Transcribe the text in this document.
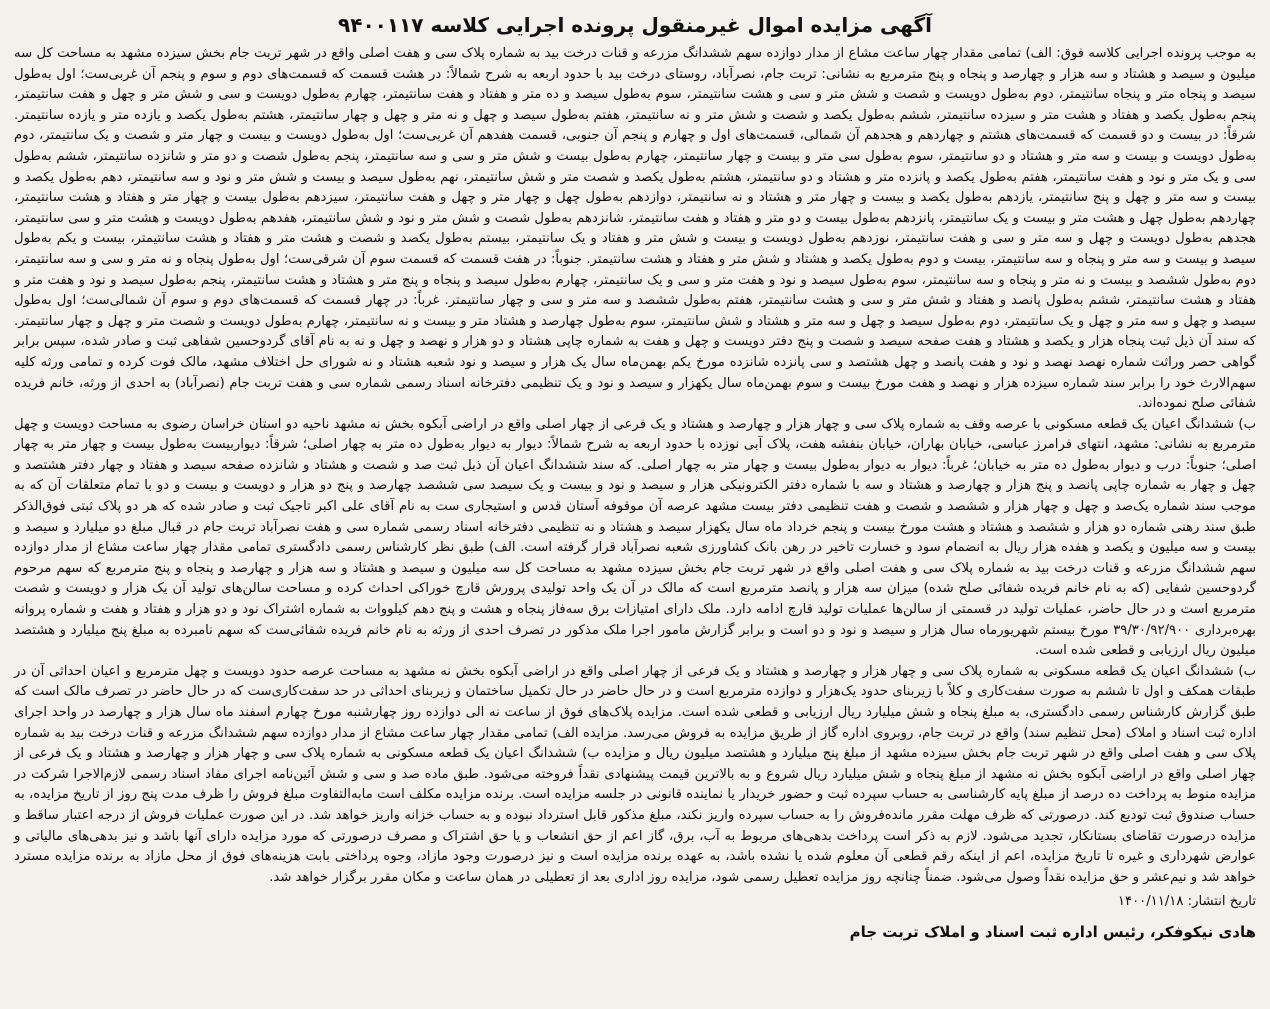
آگهی مزایده اموال غیرمنقول پرونده اجرایی کلاسه ۹۴۰۰۱۱۷

به موجب پرونده اجرایی کلاسه فوق: الف) تمامی مقدار چهار ساعت مشاع از مدار دوازده سهم ششدانگ مزرعه و قنات درخت بید به شماره پلاک سی و هفت اصلی واقع در شهر تربت جام بخش سیزده مشهد به مساحت کل سه میلیون و سیصد و هشتاد و سه هزار و چهارصد و پنجاه و پنج مترمربع به نشانی: تربت جام، نصرآباد، روستای درخت بید با حدود اربعه به شرح شمالاً: در هشت قسمت که قسمت‌های دوم و سوم و پنجم آن غربی‌ست؛ اول به‌طول سیصد و پنجاه متر و پنجاه سانتیمتر، دوم به‌طول دویست و شصت و شش متر و سی و هشت سانتیمتر، سوم به‌طول سیصد و ده متر و هفتاد و هفت سانتیمتر، چهارم به‌طول دویست و سی و شش متر و چهل و هفت سانتیمتر، پنجم به‌طول یکصد و هفتاد و هشت متر و سیزده سانتیمتر، ششم به‌طول یکصد و شصت و شش متر و نه سانتیمتر، هفتم به‌طول سیصد و چهل و نه متر و چهل و چهار سانتیمتر، هشتم به‌طول یکصد و یازده متر و یازده سانتیمتر. شرقاً: در بیست و دو قسمت که قسمت‌های هشتم و چهاردهم و هجدهم آن شمالی، قسمت‌های اول و چهارم و پنجم آن جنوبی، قسمت هفدهم آن غربی‌ست؛ اول به‌طول دویست و بیست و چهار متر و شصت و یک سانتیمتر، دوم به‌طول دویست و بیست و سه متر و هشتاد و دو سانتیمتر، سوم به‌طول سی متر و بیست و چهار سانتیمتر، چهارم به‌طول بیست و شش متر و سی و سه سانتیمتر، پنجم به‌طول شصت و دو متر و شانزده سانتیمتر، ششم به‌طول سی و یک متر و نود و هفت سانتیمتر، هفتم به‌طول یکصد و پانزده متر و هشتاد و دو سانتیمتر، هشتم به‌طول یکصد و شصت متر و شش سانتیمتر، نهم به‌طول سیصد و بیست و شش متر و نود و سه سانتیمتر، دهم به‌طول یکصد و بیست و سه متر و چهل و پنج سانتیمتر، یازدهم به‌طول یکصد و بیست و چهار متر و هشتاد و نه سانتیمتر، دوازدهم به‌طول چهل و چهار متر و چهل و هفت سانتیمتر، سیزدهم به‌طول بیست و چهار متر و هفتاد و هشت سانتیمتر، چهاردهم به‌طول چهل و هشت متر و بیست و یک سانتیمتر، پانزدهم به‌طول بیست و دو متر و هفتاد و هفت سانتیمتر، شانزدهم به‌طول شصت و شش متر و نود و شش سانتیمتر، هفدهم به‌طول دویست و هشت متر و سی سانتیمتر، هجدهم به‌طول دویست و چهل و سه متر و سی و هفت سانتیمتر، نوزدهم به‌طول دویست و بیست و شش متر و هفتاد و یک سانتیمتر، بیستم به‌طول یکصد و شصت و هشت متر و هفتاد و هشت سانتیمتر، بیست و یکم به‌طول سیصد و بیست و سه متر و پنجاه و سه سانتیمتر، بیست و دوم به‌طول یکصد و هشتاد و شش متر و هفتاد و هشت سانتیمتر. جنوباً: در هفت قسمت که قسمت سوم آن شرقی‌ست؛ اول به‌طول پنجاه و نه متر و سی و سه سانتیمتر، دوم به‌طول ششصد و بیست و نه متر و پنجاه و سه سانتیمتر، سوم به‌طول سیصد و نود و هفت متر و سی و یک سانتیمتر، چهارم به‌طول سیصد و پنجاه و پنج متر و هشتاد و هشت سانتیمتر، پنجم به‌طول سیصد و نود و هفت متر و هفتاد و هشت سانتیمتر، ششم به‌طول پانصد و هفتاد و شش متر و سی و هشت سانتیمتر، هفتم به‌طول ششصد و سه متر و سی و چهار سانتیمتر. غرباً: در چهار قسمت که قسمت‌های دوم و سوم آن شمالی‌ست؛ اول به‌طول سیصد و چهل و سه متر و چهل و یک سانتیمتر، دوم به‌طول سیصد و چهل و سه متر و هشتاد و شش سانتیمتر، سوم به‌طول چهارصد و هشتاد متر و بیست و نه سانتیمتر، چهارم به‌طول دویست و شصت متر و چهل و چهار سانتیمتر. که سند آن ذیل ثبت پنجاه هزار و یکصد و هشتاد و هفت صفحه سیصد و شصت و پنج دفتر دویست و چهل و هفت به شماره چاپی هشتاد و دو هزار و نهصد و چهل و نه به نام آقای گردوحسین شفاهی ثبت و صادر شده، سپس برابر گواهی حصر وراثت شماره نهصد نهصد و نود و هفت پانصد و چهل هشتصد و سی پانزده شانزده مورخ یکم بهمن‌ماه سال یک هزار و سیصد و نود شعبه هشتاد و نه شورای حل اختلاف مشهد، مالک فوت کرده و تمامی ورثه کلیه سهم‌الارث خود را برابر سند شماره سیزده هزار و نهصد و هفت مورخ بیست و سوم بهمن‌ماه سال یکهزار و سیصد و نود و یک تنظیمی دفترخانه اسناد رسمی شماره سی و هفت تربت جام (نصرآباد) به احدی از ورثه، خانم فریده شفائی صلح نموده‌اند.

ب) ششدانگ اعیان یک قطعه مسکونی با عرصه وقف به شماره پلاک سی و چهار هزار و چهارصد و هشتاد و یک فرعی از چهار اصلی واقع در اراضی آبکوه بخش نه مشهد ناحیه دو استان خراسان رضوی به مساحت دویست و چهل مترمربع به نشانی: مشهد، انتهای فرامرز عباسی، خیابان بهاران، خیابان بنفشه هفت، پلاک آبی نوزده با حدود اربعه به شرح شمالاً: دیوار به دیوار به‌طول ده متر به چهار اصلی؛ شرقاً: دیواربیست به‌طول بیست و چهار متر به چهار اصلی؛ جنوباً: درب و دیوار به‌طول ده متر به خیابان؛ غرباً: دیوار به دیوار به‌طول بیست و چهار متر به چهار اصلی. که سند ششدانگ اعیان آن ذیل ثبت صد و شصت و هشتاد و شانزده صفحه سیصد و هفتاد و چهار دفتر هشتصد و چهل و چهار به شماره چاپی پانصد و پنج هزار و چهارصد و هشتاد و سه با شماره دفتر الکترونیکی هزار و سیصد و نود و بیست و یک سیصد سی ششصد چهارصد و پنج دو هزار و دویست و بیست و دو با تمام متعلقات آن که به موجب سند شماره یک‌صد و چهل و چهار هزار و ششصد و شصت و هفت تنظیمی دفتر بیست مشهد عرصه آن موقوفه آستان قدس و استیجاری ست به نام آقای علی اکبر تاجیک ثبت و صادر شده که هر دو پلاک ثبتی فوق‌الذکر طبق سند رهنی شماره دو هزار و ششصد و هشتاد و هشت مورخ بیست و پنجم خرداد ماه سال یکهزار سیصد و هشتاد و نه تنظیمی دفترخانه اسناد رسمی شماره سی و هفت نصرآباد تربت جام در قبال مبلغ دو میلیارد و سیصد و بیست و سه میلیون و یکصد و هفده هزار ریال به انضمام سود و خسارت تاخیر در رهن بانک کشاورزی شعبه نصرآباد قرار گرفته است. الف) طبق نظر کارشناس رسمی دادگستری تمامی مقدار چهار ساعت مشاع از مدار دوازده سهم ششدانگ مزرعه و قنات درخت بید به شماره پلاک سی و هفت اصلی واقع در شهر تربت جام بخش سیزده مشهد به مساحت کل سه میلیون و سیصد و هشتاد و سه هزار و چهارصد و پنجاه و پنج مترمربع که سهم مرحوم گردوحسین شفایی (که به نام خانم فریده شفائی صلح شده) میزان سه هزار و پانصد مترمربع است که مالک در آن یک واحد تولیدی پرورش قارچ خوراکی احداث کرده و مساحت سالن‌های تولید آن یک هزار و دویست و شصت مترمربع است و در حال حاضر، عملیات تولید در قسمتی از سالن‌ها عملیات تولید قارچ ادامه دارد. ملک دارای امتیازات برق سه‌فاز پنجاه و هشت و پنج دهم کیلووات به شماره اشتراک نود و دو هزار و هفتاد و هفت و شماره پروانه بهره‌برداری ۳۹/۳۰/۹۲/۹۰۰ مورخ بیستم شهریورماه سال هزار و سیصد و نود و دو است و برابر گزارش مامور اجرا ملک مذکور در تصرف احدی از ورثه به نام خانم فریده شفائی‌ست که سهم نامبرده به مبلغ پنج میلیارد و هشتصد میلیون ریال ارزیابی و قطعی شده است.

ب) ششدانگ اعیان یک قطعه مسکونی به شماره پلاک سی و چهار هزار و چهارصد و هشتاد و یک فرعی از چهار اصلی واقع در اراضی آبکوه بخش نه مشهد به مساحت عرصه حدود دویست و چهل مترمربع و اعیان احداثی آن در طبقات همکف و اول تا ششم به صورت سفت‌کاری و کلاً با زیربنای حدود یک‌هزار و دوازده مترمربع است و در حال حاضر در حال تکمیل ساختمان و زیربنای احداثی در حد سفت‌کاری‌ست که در حال حاضر در تصرف مالک است که طبق گزارش کارشناس رسمی دادگستری، به مبلغ پنجاه و شش میلیارد ریال ارزیابی و قطعی شده است. مزایده پلاک‌های فوق از ساعت نه الی دوازده روز چهارشنبه مورخ چهارم اسفند ماه سال هزار و چهارصد در واحد اجرای اداره ثبت اسناد و املاک (محل تنظیم سند) واقع در تربت جام، روبروی اداره گاز از طریق مزایده به فروش می‌رسد. مزایده الف) تمامی مقدار چهار ساعت مشاع از مدار دوازده سهم ششدانگ مزرعه و قنات درخت بید به شماره پلاک سی و هفت اصلی واقع در شهر تربت جام بخش سیزده مشهد از مبلغ پنج میلیارد و هشتصد میلیون ریال و مزایده ب) ششدانگ اعیان یک قطعه مسکونی به شماره پلاک سی و چهار هزار و چهارصد و هشتاد و یک فرعی از چهار اصلی واقع در اراضی آبکوه بخش نه مشهد از مبلغ پنجاه و شش میلیارد ریال شروع و به بالاترین قیمت پیشنهادی نقداً فروخته می‌شود. طبق ماده صد و سی و شش آئین‌نامه اجرای مفاد اسناد رسمی لازم‌الاجرا شرکت در مزایده منوط به پرداخت ده درصد از مبلغ پایه کارشناسی به حساب سپرده ثبت و حضور خریدار یا نماینده قانونی در جلسه مزایده است. برنده مزایده مکلف است مابه‌التفاوت مبلغ فروش را ظرف مدت پنج روز از تاریخ مزایده، به حساب صندوق ثبت تودیع کند. درصورتی که ظرف مهلت مقرر مانده‌فروش را به حساب سپرده واریز نکند، مبلغ مذکور قابل استرداد نبوده و به حساب خزانه واریز خواهد شد. در این صورت عملیات فروش از درجه اعتبار ساقط و مزایده درصورت تقاضای بستانکار، تجدید می‌شود. لازم به ذکر است پرداخت بدهی‌های مربوط به آب، برق، گاز اعم از حق انشعاب و یا حق اشتراک و مصرف درصورتی که مورد مزایده دارای آنها باشد و نیز بدهی‌های مالیاتی و عوارض شهرداری و غیره تا تاریخ مزایده، اعم از اینکه رقم قطعی آن معلوم شده یا نشده باشد، به عهده برنده مزایده است و نیز درصورت وجود مازاد، وجوه پرداختی بابت هزینه‌های فوق از محل مازاد به برنده مزایده مسترد خواهد شد و نیم‌عشر و حق مزایده نقداً وصول می‌شود. ضمناً چنانچه روز مزایده تعطیل رسمی شود، مزایده روز اداری بعد از تعطیلی در همان ساعت و مکان مقرر برگزار خواهد شد.

تاریخ انتشار: ۱۴۰۰/۱۱/۱۸
هادی نیکوفکر، رئیس اداره ثبت اسناد و املاک تربت جام
